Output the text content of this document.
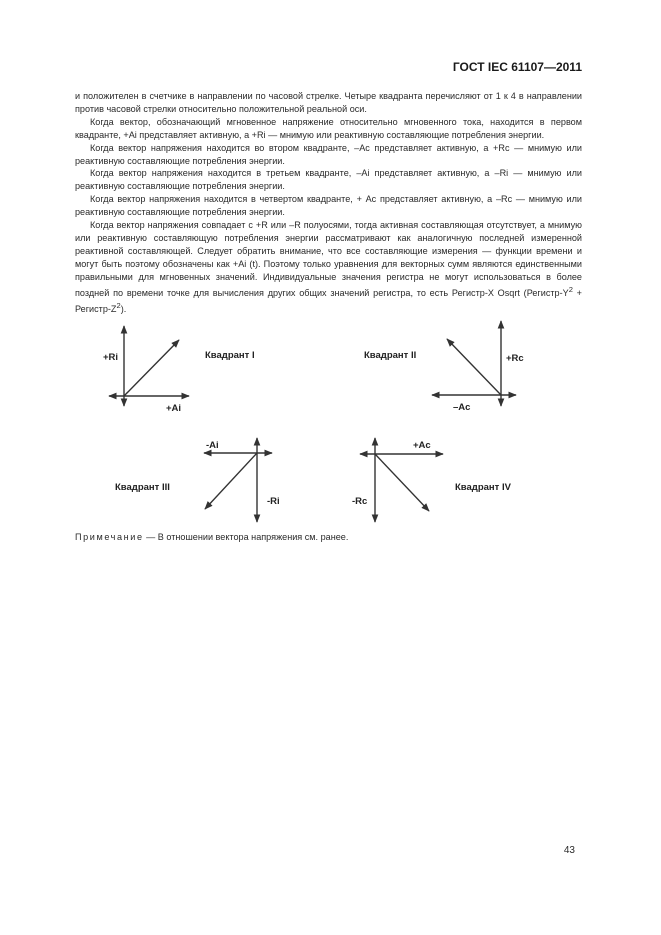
ГОСТ IEC 61107—2011

и положителен в счетчике в направлении по часовой стрелке. Четыре квадранта перечисляют от 1 к 4 в направлении против часовой стрелки относительно положительной реальной оси.

Когда вектор, обозначающий мгновенное напряжение относительно мгновенного тока, находится в первом квадранте, +Ai представляет активную, а +Ri — мнимую или реактивную составляющие потребления энергии.

Когда вектор напряжения находится во втором квадранте, –Ac представляет активную, а +Rc — мнимую или реактивную составляющие потребления энергии.

Когда вектор напряжения находится в третьем квадранте, –Ai представляет активную, а –Ri — мнимую или реактивную составляющие потребления энергии.

Когда вектор напряжения находится в четвертом квадранте, + Ac представляет активную, а –Rc — мнимую или реактивную составляющие потребления энергии.

Когда вектор напряжения совпадает с +R или –R полуосями, тогда активная составляющая отсутствует, а мнимую или реактивную составляющую потребления энергии рассматривают как аналогичную последней измеренной реактивной составляющей. Следует обратить внимание, что все составляющие измерения — функции времени и могут быть поэтому обозначены как +Ai (t). Поэтому только уравнения для векторных сумм являются единственными правильными для мгновенных значений. Индивидуальные значения регистра не могут использоваться в более поздней по времени точке для вычисления других общих значений регистра, то есть Регистр-X Osqrt ($Регистр-Y^2$ + Регистр-$Z^2$).

+Ri
+Ai
+Rc
–Ac
-Ai
-Ri
+Ac
-Rc
Квадрант I	Квадрант II
Квадрант III	Квадрант IV
Примечание — В отношении вектора напряжения см. ранее.
43
